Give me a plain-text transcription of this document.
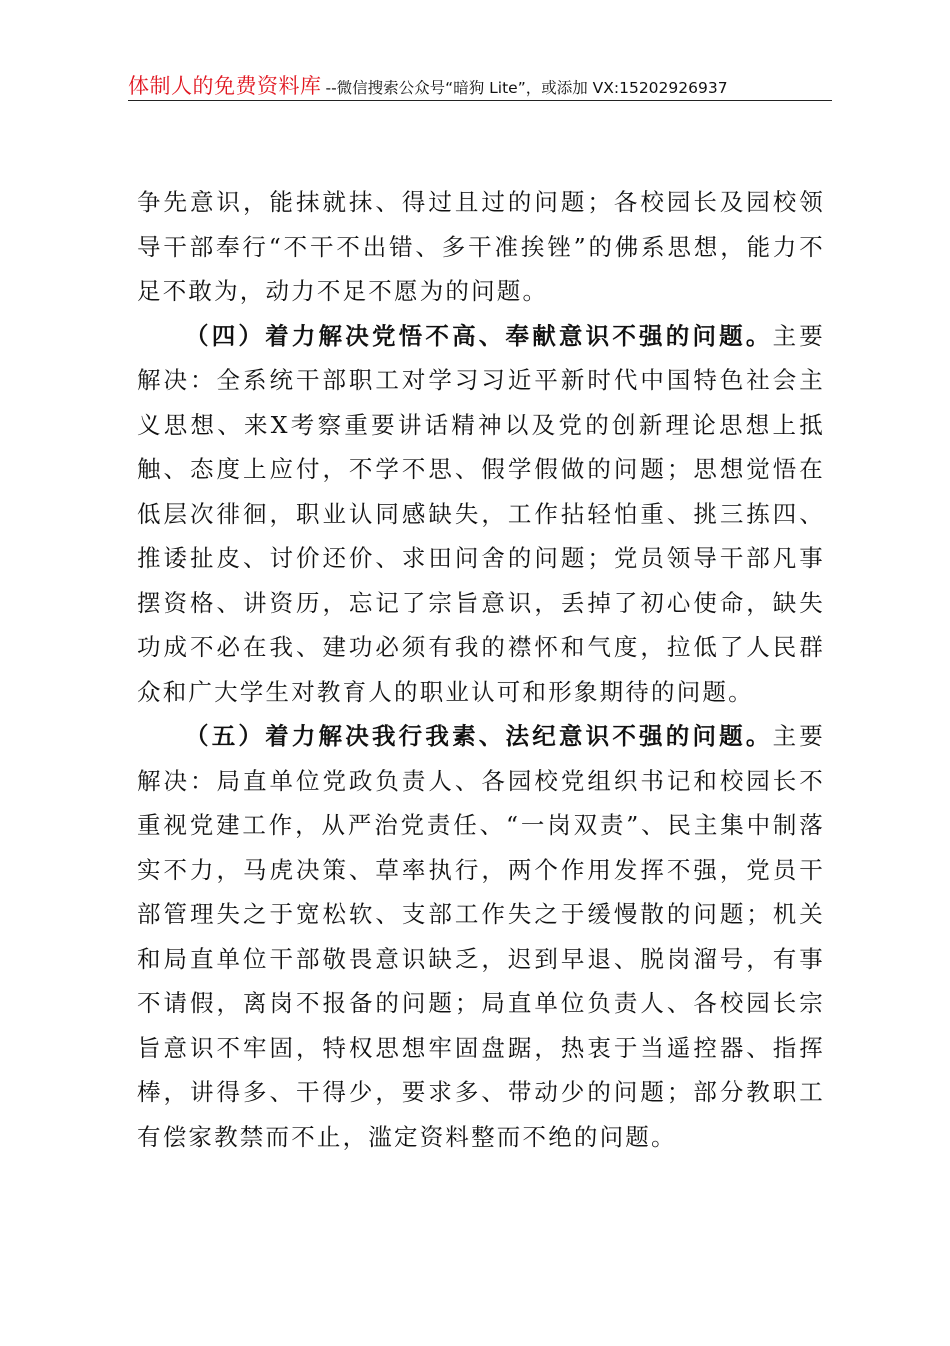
体制人的免费资料库 --微信搜索公众号“暗狗 Lite”，或添加 VX:15202926937

争先意识，能抹就抹、得过且过的问题；各校园长及园校领导干部奉行“不干不出错、多干准挨锉”的佛系思想，能力不足不敢为，动力不足不愿为的问题。

（四）着力解决党悟不高、奉献意识不强的问题。主要解决：全系统干部职工对学习习近平新时代中国特色社会主义思想、来X考察重要讲话精神以及党的创新理论思想上抵触、态度上应付，不学不思、假学假做的问题；思想觉悟在低层次徘徊，职业认同感缺失，工作拈轻怕重、挑三拣四、推诿扯皮、讨价还价、求田问舍的问题；党员领导干部凡事摆资格、讲资历，忘记了宗旨意识，丢掉了初心使命，缺失功成不必在我、建功必须有我的襟怀和气度，拉低了人民群众和广大学生对教育人的职业认可和形象期待的问题。

（五）着力解决我行我素、法纪意识不强的问题。主要解决：局直单位党政负责人、各园校党组织书记和校园长不重视党建工作，从严治党责任、“一岗双责”、民主集中制落实不力，马虎决策、草率执行，两个作用发挥不强，党员干部管理失之于宽松软、支部工作失之于缓慢散的问题；机关和局直单位干部敬畏意识缺乏，迟到早退、脱岗溜号，有事不请假，离岗不报备的问题；局直单位负责人、各校园长宗旨意识不牢固，特权思想牢固盘踞，热衷于当遥控器、指挥棒，讲得多、干得少，要求多、带动少的问题；部分教职工有偿家教禁而不止，滥定资料整而不绝的问题。
